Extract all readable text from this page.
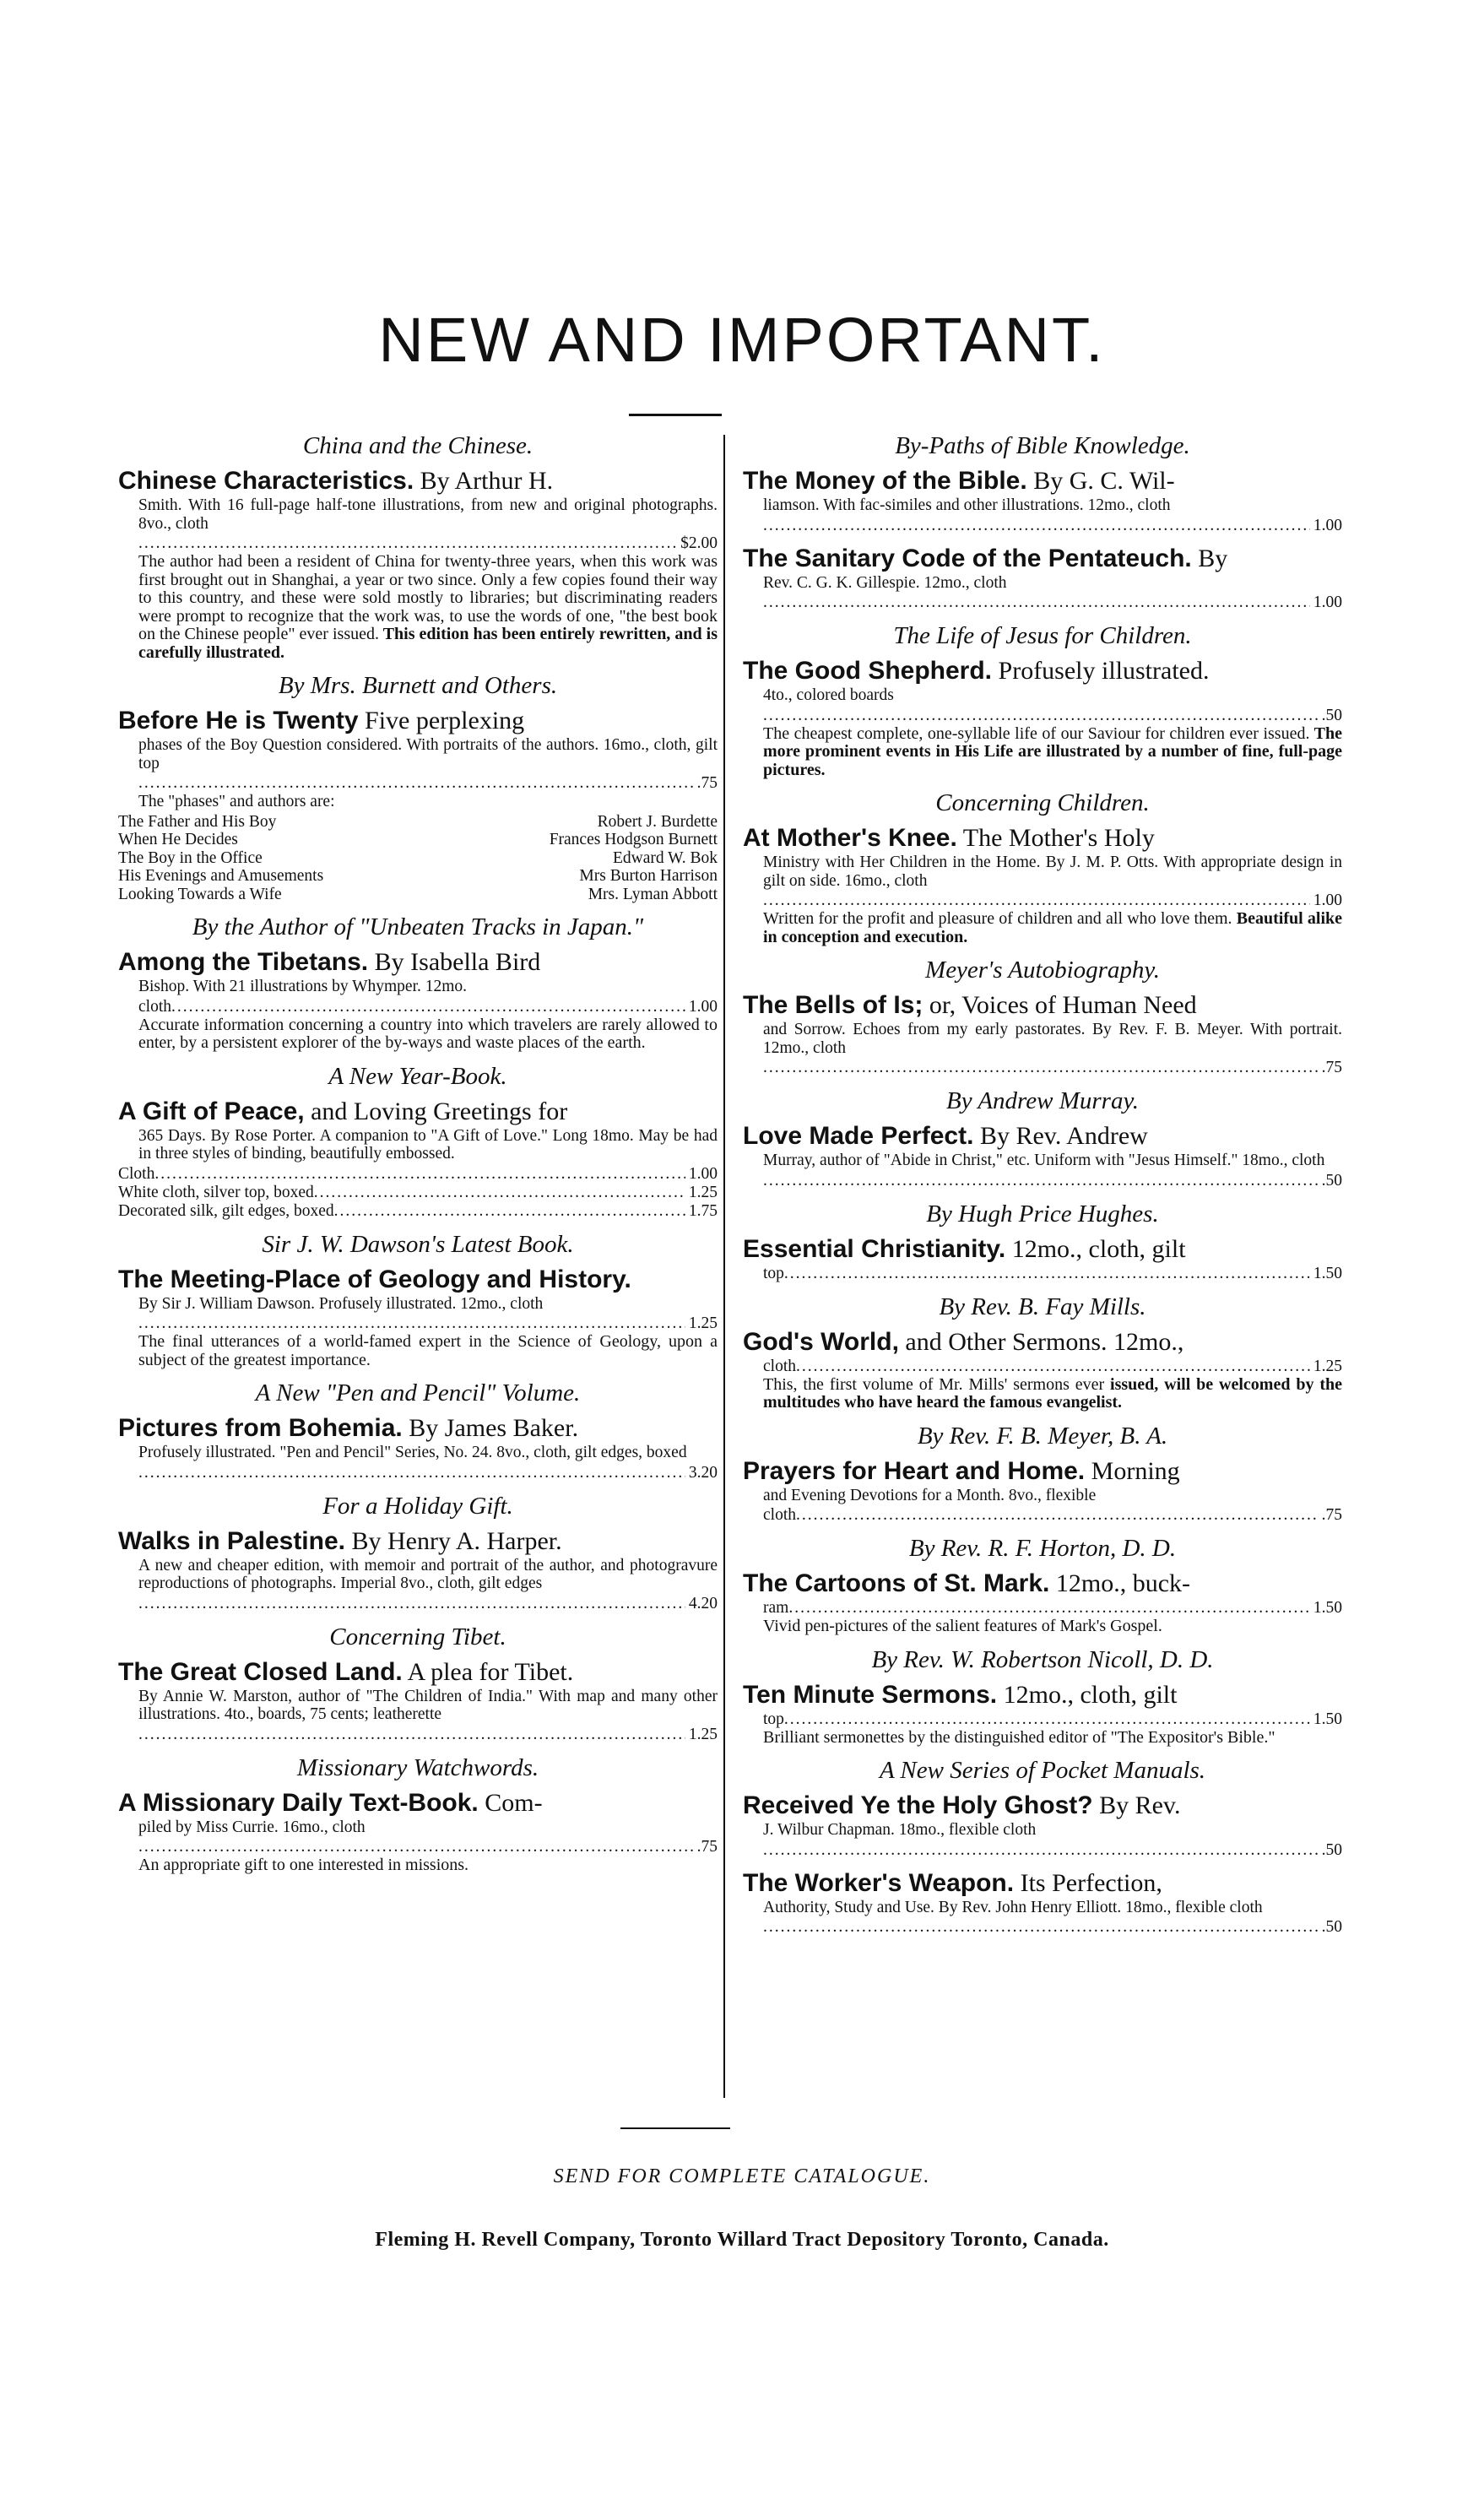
NEW AND IMPORTANT.

China and the Chinese.

Chinese Characteristics. By Arthur H.

Smith. With 16 full-page half-tone illustrations, from new and original photographs. 8vo., cloth

.....
$2.00

The author had been a resident of China for twenty-three years, when this work was first brought out in Shanghai, a year or two since. Only a few copies found their way to this country, and these were sold mostly to libraries; but discriminating readers were prompt to recognize that the work was, to use the words of one, "the best book on the Chinese people" ever issued. This edition has been entirely rewritten, and is carefully illustrated.

By Mrs. Burnett and Others.

Before He is Twenty Five perplexing

phases of the Boy Question considered. With portraits of the authors. 16mo., cloth, gilt top

.....
.75

The "phases" and authors are:

The Father and His Boy	Robert J. Burdette
When He Decides	Frances Hodgson Burnett
The Boy in the Office	Edward W. Bok
His Evenings and Amusements	Mrs Burton Harrison
Looking Towards a Wife	Mrs. Lyman Abbott

By the Author of "Unbeaten Tracks in Japan."

Among the Tibetans. By Isabella Bird

Bishop. With 21 illustrations by Whymper. 12mo.

cloth .....	1.00

Accurate information concerning a country into which travelers are rarely allowed to enter, by a persistent explorer of the by-ways and waste places of the earth.

A New Year-Book.

A Gift of Peace, and Loving Greetings for

365 Days. By Rose Porter. A companion to "A Gift of Love." Long 18mo. May be had in three styles of binding, beautifully embossed.

Cloth .....	1.00
White cloth, silver top, boxed .....	1.25
Decorated silk, gilt edges, boxed .....	1.75

Sir J. W. Dawson's Latest Book.

The Meeting-Place of Geology and History.

By Sir J. William Dawson. Profusely illustrated. 12mo., cloth

.....
1.25

The final utterances of a world-famed expert in the Science of Geology, upon a subject of the greatest importance.

A New "Pen and Pencil" Volume.

Pictures from Bohemia. By James Baker.

Profusely illustrated. "Pen and Pencil" Series, No. 24. 8vo., cloth, gilt edges, boxed

.....
3.20

For a Holiday Gift.

Walks in Palestine. By Henry A. Harper.

A new and cheaper edition, with memoir and portrait of the author, and photogravure reproductions of photographs. Imperial 8vo., cloth, gilt edges

.....
4.20

Concerning Tibet.

The Great Closed Land. A plea for Tibet.

By Annie W. Marston, author of "The Children of India." With map and many other illustrations. 4to., boards, 75 cents; leatherette

.....
1.25

Missionary Watchwords.

A Missionary Daily Text-Book. Com-

piled by Miss Currie. 16mo., cloth

.....
.75

An appropriate gift to one interested in missions.

By-Paths of Bible Knowledge.

The Money of the Bible. By G. C. Wil-

liamson. With fac-similes and other illustrations. 12mo., cloth

.....
1.00

The Sanitary Code of the Pentateuch. By

Rev. C. G. K. Gillespie. 12mo., cloth

.....
1.00

The Life of Jesus for Children.

The Good Shepherd. Profusely illustrated.

4to., colored boards

.....
.50

The cheapest complete, one-syllable life of our Saviour for children ever issued. The more prominent events in His Life are illustrated by a number of fine, full-page pictures.

Concerning Children.

At Mother's Knee. The Mother's Holy

Ministry with Her Children in the Home. By J. M. P. Otts. With appropriate design in gilt on side. 16mo., cloth

.....
1.00

Written for the profit and pleasure of children and all who love them. Beautiful alike in conception and execution.

Meyer's Autobiography.

The Bells of Is; or, Voices of Human Need

and Sorrow. Echoes from my early pastorates. By Rev. F. B. Meyer. With portrait. 12mo., cloth

.....
.75

By Andrew Murray.

Love Made Perfect. By Rev. Andrew

Murray, author of "Abide in Christ," etc. Uniform with "Jesus Himself." 18mo., cloth

.....
.50

By Hugh Price Hughes.

Essential Christianity. 12mo., cloth, gilt

top .....	1.50

By Rev. B. Fay Mills.

God's World, and Other Sermons. 12mo.,

cloth .....	1.25

This, the first volume of Mr. Mills' sermons ever issued, will be welcomed by the multitudes who have heard the famous evangelist.

By Rev. F. B. Meyer, B. A.

Prayers for Heart and Home. Morning

and Evening Devotions for a Month. 8vo., flexible

cloth .....	.75

By Rev. R. F. Horton, D. D.

The Cartoons of St. Mark. 12mo., buck-

ram .....	1.50

Vivid pen-pictures of the salient features of Mark's Gospel.

By Rev. W. Robertson Nicoll, D. D.

Ten Minute Sermons. 12mo., cloth, gilt

top .....	1.50

Brilliant sermonettes by the distinguished editor of "The Expositor's Bible."

A New Series of Pocket Manuals.

Received Ye the Holy Ghost? By Rev.

J. Wilbur Chapman. 18mo., flexible cloth

.....
.50

The Worker's Weapon. Its Perfection,

Authority, Study and Use. By Rev. John Henry Elliott. 18mo., flexible cloth

.....
.50

SEND FOR COMPLETE CATALOGUE.

Fleming H. Revell Company, Toronto Willard Tract Depository Toronto, Canada.
